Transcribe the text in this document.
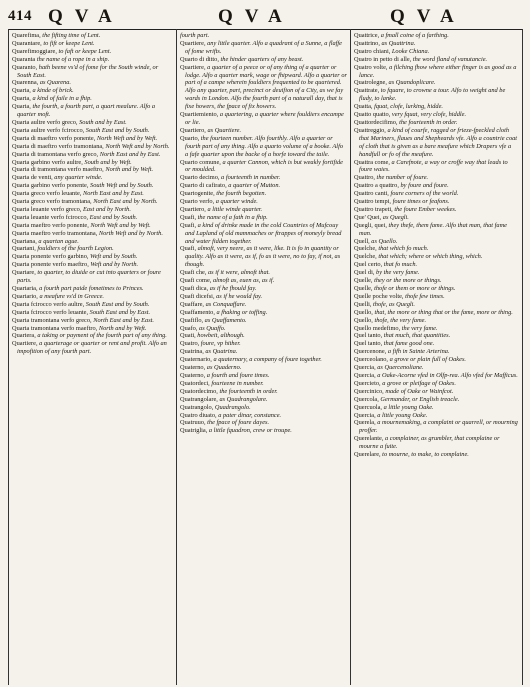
414 QVA	QVA	QVA

Quarefima, the fifting time of Lent.

Quarantare, to fift or keepe Lent.

Quarefimoggiare, to faft or keepe Lent.

Quaranta the name of a rope in a ship.

Quaranto, hath beene vs'd of fome for the South winde, or South East.

Quarenna, as Quarena.

Quarta, a kinde of brick.

Quarta, a kind of faile in a fhip.

Quarta, the fourth, a fourth part, a quart mealure. Alfo a quarter moft.

Quarta aultre verfo greco, South and by East.

Quarta aultre verfo fcirocco, South East and by South.

Quarta di maeftro verfo ponente, North Weft and by Weft.

Quarta di maeftro verfo tramontana, North Weft and by North.

Quarta di tramontana verfo greco, North East and by East.

Quarta garbino verfo aultre, South and by Weft.

Quarta di tramontana verfo maeftro, North and by Weft.

Quarta de venti, any quarter winde.

Quarta garbino verfo ponente, South Weft and by South.

Quarta greco verfo leuante, North East and by East.

Quarta greco verfo tramontana, North East and by North.

Quarta leuante verfo greco, East and by North.

Quarta leuante verfo fcirocco, East and by South.

Quarta maeftro verfo ponente, North Weft and by Weft.

Quarta maeftro verfo tramontana, North Weft and by North.

Quartana, a quartan ague.

Quartani, fouldiers of the fourth Legion.

Quarta ponente verfo garbino, Weft and by South.

Quarta ponente verfo maeftro, Weft and by North.

Quartare, to quarter, to diuide or cut into quarters or foure parts.

Quartaria, a fourth part paide fometimes to Princes.

Quartario, a meafure vs'd in Greece.

Quarta fcirocco verfo aultre, South East and by South.

Quarta fcirocco verfo leuante, South East and by East.

Quarta tramontana verfo greco, North East and by East.

Quarta tramontana verfo maeftro, North and by Weft.

Quartera, a taking or payment of the fourth part of any thing.

Quartiere, a quarterage or quarter or rent and profit. Alfo an impofition of any fourth part.

fourth part.

Quartiere, any little quarter. Alfo a quadrant of a Sunne, a flaffe of fome wrifts.

Quarto di ditto, the hinder quarters of any beast.

Quartiere, a quarter of a peece or of any thing of a quarter or lodge. Alfo a quarter mark, wage or fhipward. Alfo a quarter or part of a campe wherein fouldiers frequented to be quartered. Alfo any quarter, part, precinct or deuifion of a City, as we fay wards in London. Alfo the fourth part of a naturall day, that is fixe howers, the fpace of fix howers.

Quartiemiento, a quartering, a quarter where fouldiers encampe or lie.

Quartiero, as Quartiere.

Quarto, the fourteen number. Alfo fourthly. Alfo a quarter or fourth part of any thing. Alfo a quarto volume of a booke. Alfo a fafe quarter upon the backe of a horfe toward the taile.

Quarto comune, a quarter Cannon, which is but weakly fortifide or moulded.

Quarto decimo, a fourteenth in number.

Quarto di cafirato, a quarter of Mutton.

Quartogenite, the fourth begotten.

Quarto verfo, a quarter winde.

Quartiero, a little winde quarter.

Quafi, the name of a fath in a fhip.

Quafi, a kind of drinke made in the cold Countries of Mufcouy and Lapland of old mammaches or ftrappes of moneyly bread and water fidden together.

Quafi, almoft, very neere, as it were, like. It is fo in quantity or quality. Alfo as it were, as if, fo as it were, no to fay, if not, as though.

Quafi che, as if it were, almoft that.

Quafi come, almoft as, euen as, as if.

Quafi dica, as if he fhould fay.

Quafi dicefsi, as if he would fay.

Quaffare, as Conquaffare.

Quaffamento, a fhaking or toffing.

Quafiflo, as Quaffamento.

Quafo, as Quaffo.

Quati, howbeit, although.

Quatro, foure, vp hither.

Quatrina, as Quatrina.

Quaternario, a quaternary, a company of foure together.

Quaterno, as Quaderno.

Quaterno, a fourth and foure times.

Quatordeci, fourteene in number.

Quatordecimo, the fourteenth in order.

Quatrangolare, as Quadrangolare.

Quatrangolo, Quadrangolo.

Quatro diuato, a pater dinar, constance.

Quatruuo, the fpace of foure dayes.

Quatriglia, a little fquadron, crew or troupe.

Quattrice, a fmall coine of a farthing.

Quattrino, as Quattrina.

Quatro chiani, Looke Chiana.

Quatro in petto di alle, the word fland of vanutancie.

Quatro volte, a filching fhow where either finger is as good as a lance.

Quatrolegne, as Quandoplicare.

Quattrate, to fquare, to crowne a tour. Alfo to weight and be fludy, to lanke.

Quatta, fquat, clofe, lurking, hidde.

Quatto quatto, very fquat, very clofe, hiddle.

Quattordecifimo, the fourteenth in order.

Quattreggio, a kind of courfe, ragged or frieze-fpeckled cloth that Mariners, flaues and Shepheards vfe. Alfo a countrie coat of cloth that is given as a bare meafure which Drapers vfe a handfull or fo of the meafure.

Quattra come, a Carefnote, a way or croffe way that leads to foure waies.

Quattro, the number of foure.

Quattro a quattro, by foure and foure.

Quattro canti, foure corners of the world.

Quattro tempi, foure times or feafons.

Quattro trapeti, the foure Ember weekes.

Que' Quei, as Quegli.

Quegli, quei, they thefe, them fame. Alfo that man, that fame man.

Quell, as Quello.

Quelche, that which fo much.

Quelche, that which; where or which thing, which.

Quel certo, that fo much.

Quel di, by the very fame.

Quelle, they or the more or things.

Quelle, thofe or them or more or things.

Quelle poche volte, thofe few times.

Quelli, thofe, as Quegli.

Quello, that, the more or thing that or the fame, more or thing.

Quello, thofe, the very fame.

Quello medefimo, the very fame.

Quel tanto, that much, that quantities.

Quel tanto, that fame good one.

Quercenone, a fifh in Sainte Arterina.

Querceolano, a grove or plain full of Oakes.

Quercia, as Quercenoliane.

Quercia, a Oake-Acorne vfed in Olfp-rea. Alfo vfed for Mafficus.

Quercieto, a grove or pleifage of Oakes.

Quercinico, made of Oake or Wainfcot.

Quercola, Germander, or English treacle.

Quercuola, a little young Oake.

Quercia, a little young Oake.

Querela, a mournemaking, a complaint or quarrell, or mourning proffer.

Querelante, a complainer, as grumbler, that complaine or mourne a fuite.

Querelare, to mourne, to make, to complaine.
